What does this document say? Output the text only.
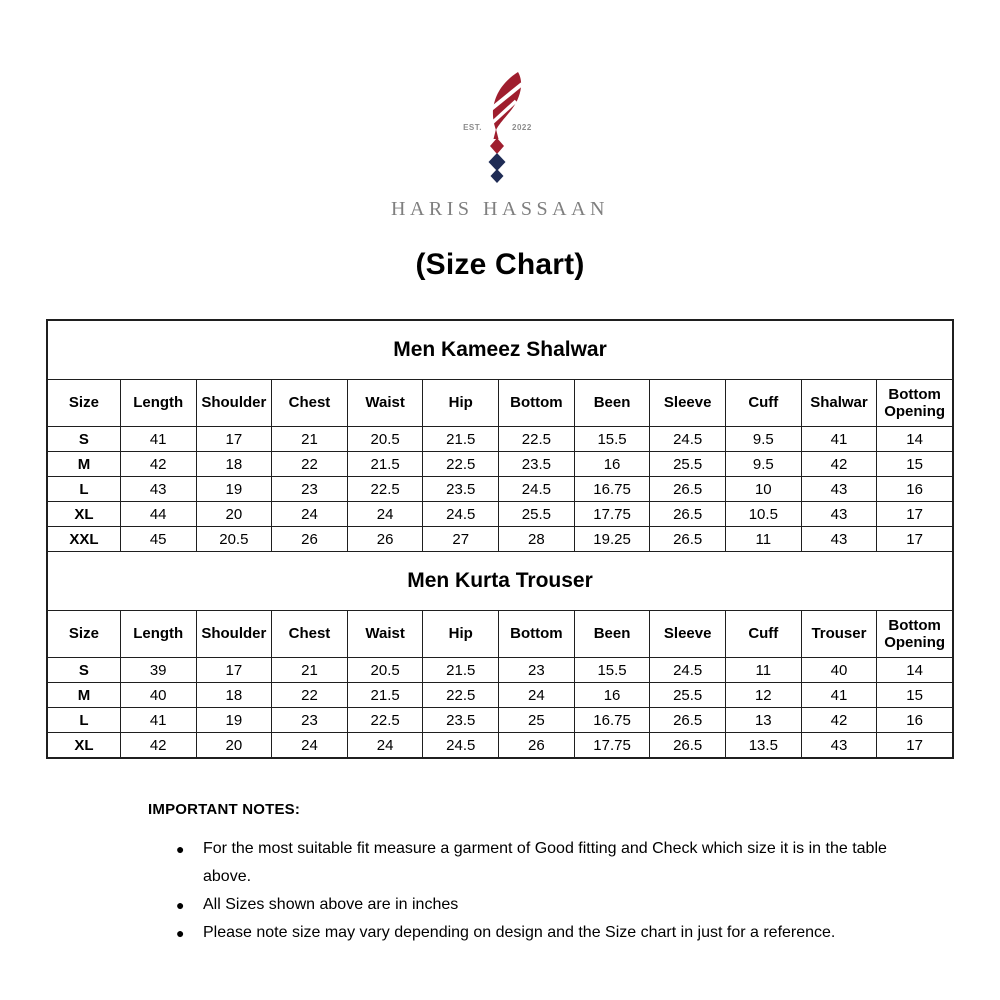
EST.	2022
HARIS HASSAAN
(Size Chart)
Men Kameez Shalwar											
Size	Length	Shoulder	Chest	Waist	Hip	Bottom	Been	Sleeve	Cuff	Shalwar	Bottom Opening
S	41	17	21	20.5	21.5	22.5	15.5	24.5	9.5	41	14
M	42	18	22	21.5	22.5	23.5	16	25.5	9.5	42	15
L	43	19	23	22.5	23.5	24.5	16.75	26.5	10	43	16
XL	44	20	24	24	24.5	25.5	17.75	26.5	10.5	43	17
XXL	45	20.5	26	26	27	28	19.25	26.5	11	43	17
Men Kurta Trouser											
Size	Length	Shoulder	Chest	Waist	Hip	Bottom	Been	Sleeve	Cuff	Trouser	Bottom Opening
S	39	17	21	20.5	21.5	23	15.5	24.5	11	40	14
M	40	18	22	21.5	22.5	24	16	25.5	12	41	15
L	41	19	23	22.5	23.5	25	16.75	26.5	13	42	16
XL	42	20	24	24	24.5	26	17.75	26.5	13.5	43	17
IMPORTANT NOTES:
●	For the most suitable fit measure a garment of Good fitting and Check which size it is in the table above.
●	All Sizes shown above are in inches
●	Please note size may vary depending on design and the Size chart in just for a reference.
